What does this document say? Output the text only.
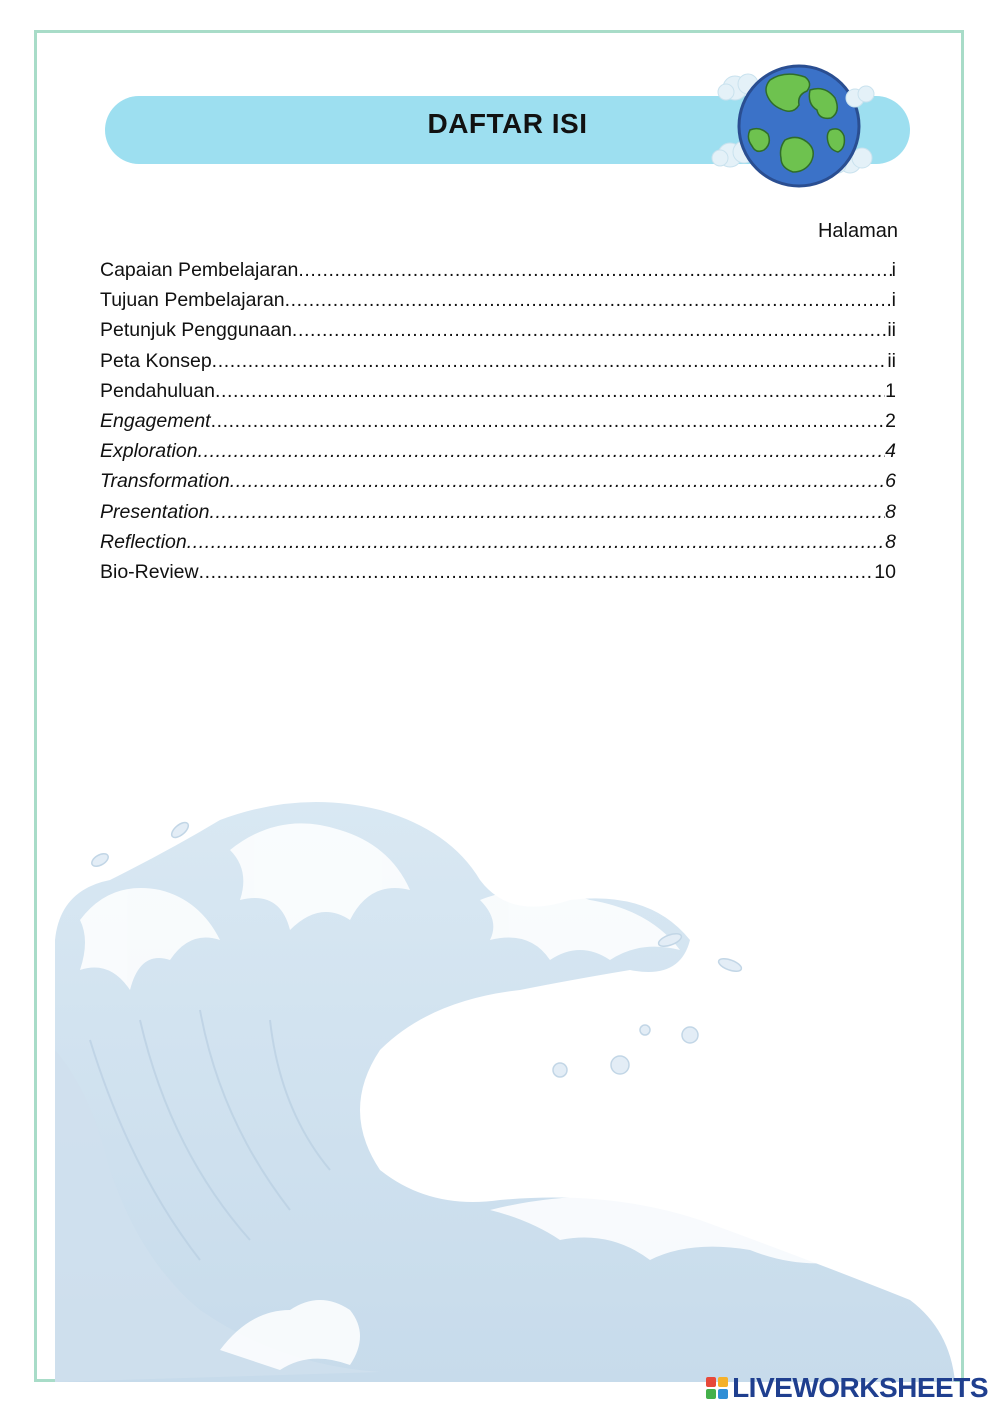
DAFTAR ISI
Halaman
Capaian Pembelajaran .....	i
Tujuan Pembelajaran .....	i
Petunjuk Penggunaan .....	ii
Peta Konsep .....	ii
Pendahuluan .....	1
Engagement .....	2
Exploration .....	4
Transformation .....	6
Presentation .....	8
Reflection .....	8
Bio-Review .....	10
LIVEWORKSHEETS
